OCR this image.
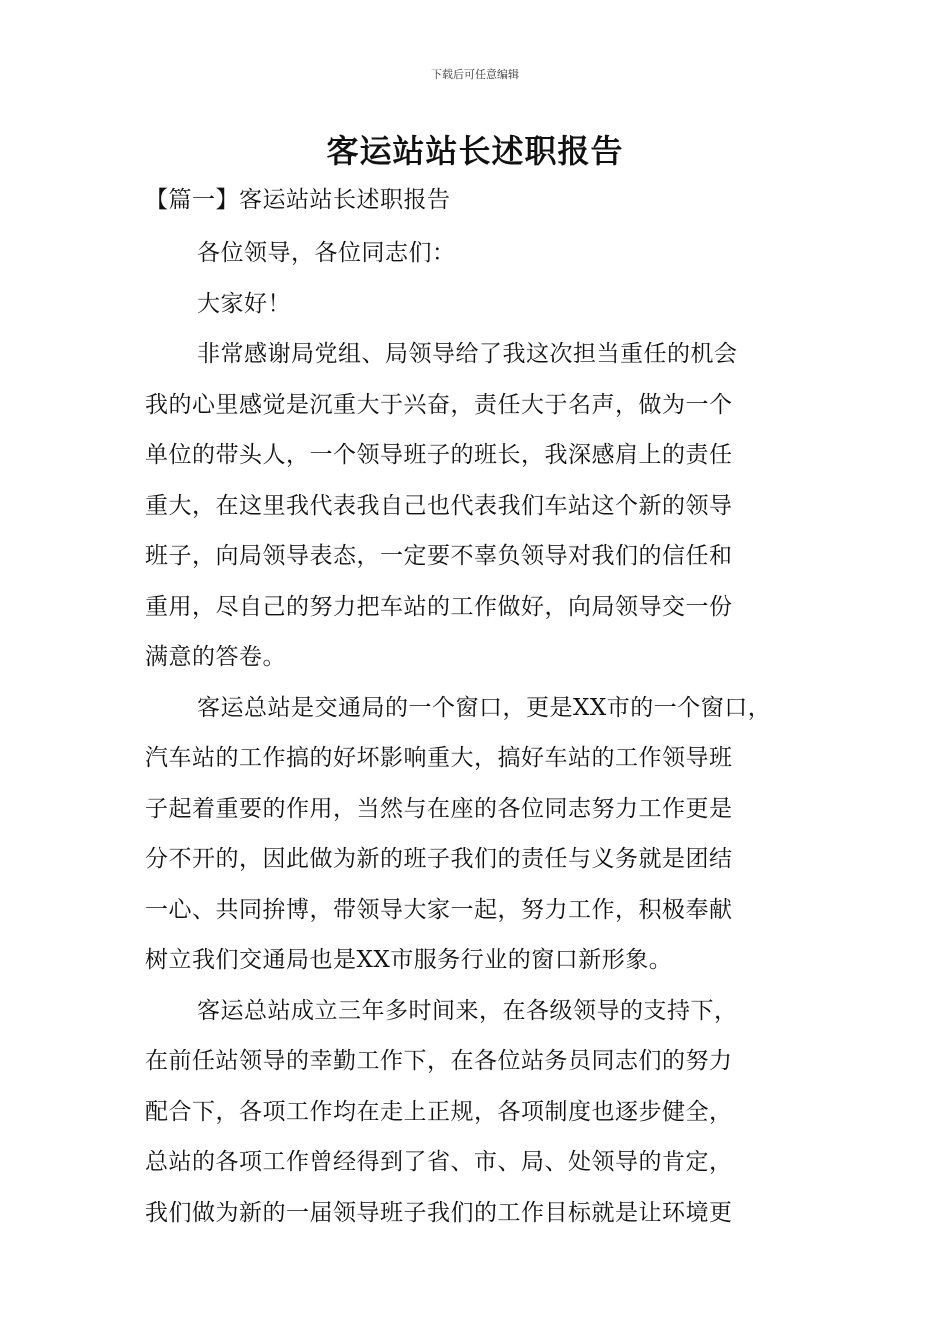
下载后可任意编辑
客运站站长述职报告
【篇一】客运站站长述职报告
各位领导，各位同志们：
大家好！
非常感谢局党组、局领导给了我这次担当重任的机会
我的心里感觉是沉重大于兴奋，责任大于名声，做为一个
单位的带头人，一个领导班子的班长，我深感肩上的责任
重大，在这里我代表我自己也代表我们车站这个新的领导
班子，向局领导表态，一定要不辜负领导对我们的信任和
重用，尽自己的努力把车站的工作做好，向局领导交一份
满意的答卷。
客运总站是交通局的一个窗口，更是XX市的一个窗口，
汽车站的工作搞的好坏影响重大，搞好车站的工作领导班
子起着重要的作用，当然与在座的各位同志努力工作更是
分不开的，因此做为新的班子我们的责任与义务就是团结
一心、共同拚博，带领导大家一起，努力工作，积极奉献
树立我们交通局也是XX市服务行业的窗口新形象。
客运总站成立三年多时间来，在各级领导的支持下，
在前任站领导的幸勤工作下，在各位站务员同志们的努力
配合下，各项工作均在走上正规，各项制度也逐步健全，
总站的各项工作曾经得到了省、市、局、处领导的肯定，
我们做为新的一届领导班子我们的工作目标就是让环境更
